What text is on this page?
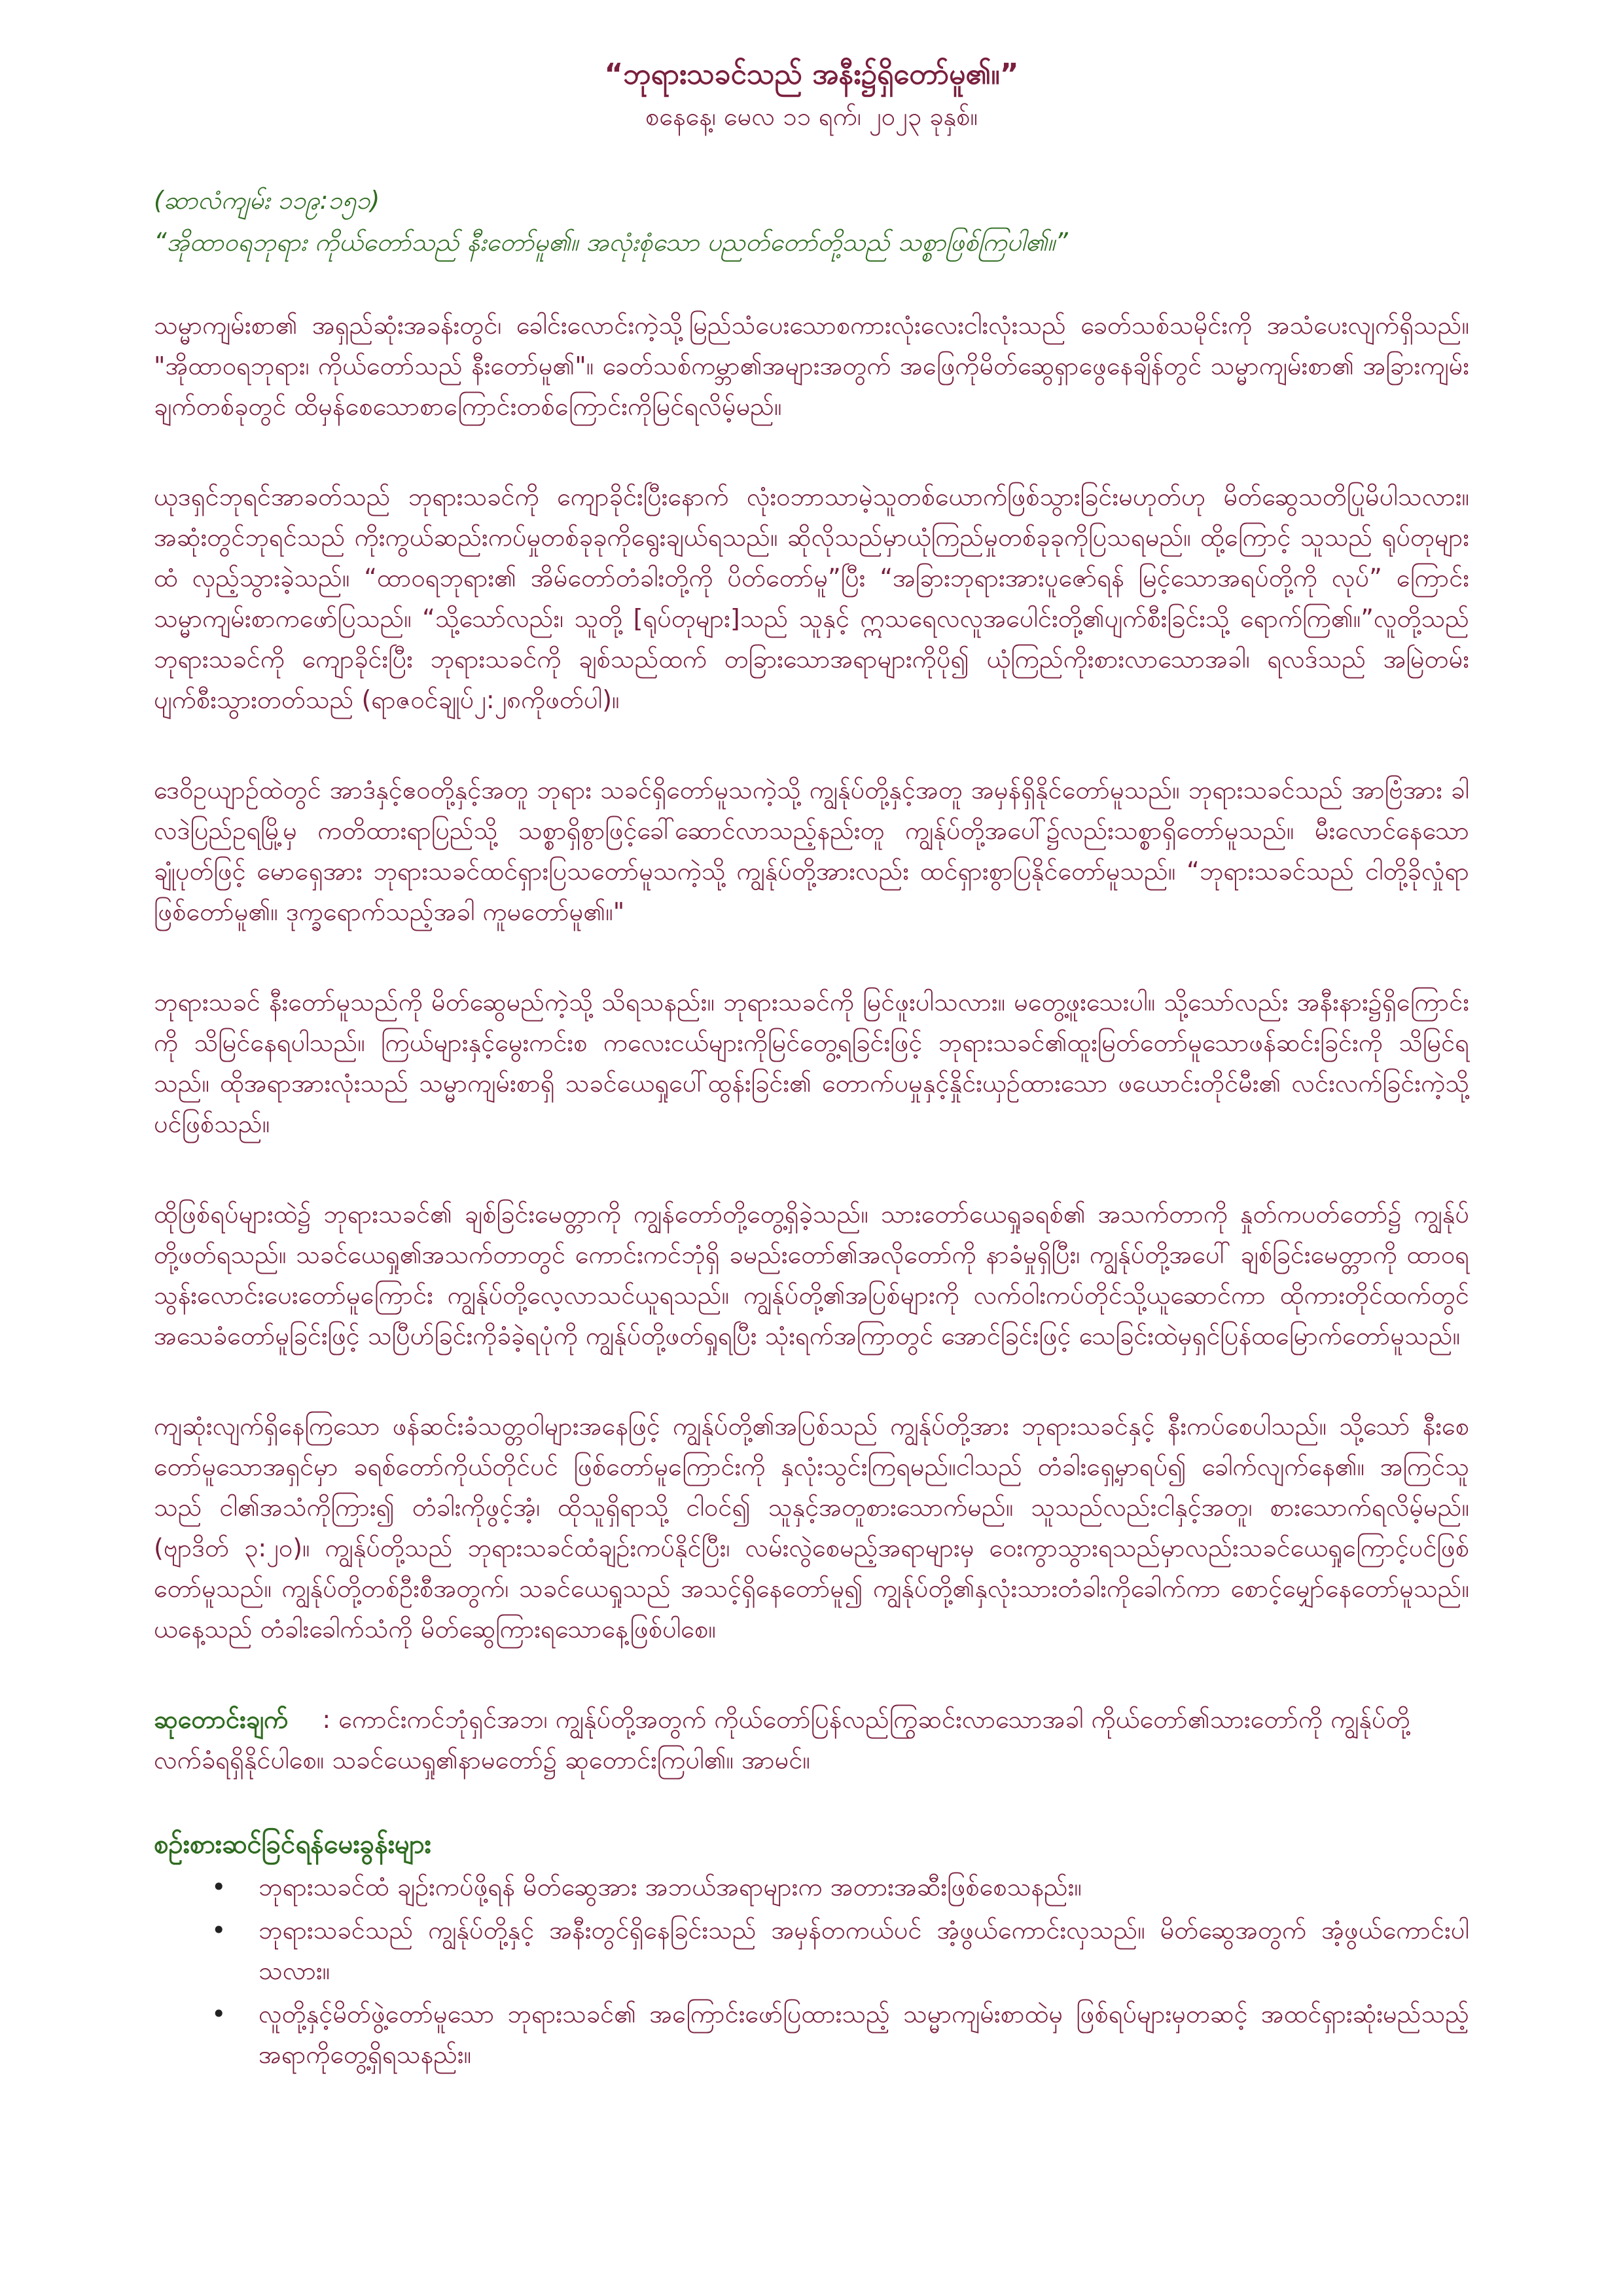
“ဘုရားသခင်သည် အနီး၌ရှိတော်မူ၏။”

စနေနေ့၊ မေလ ၁၁ ရက်၊ ၂၀၂၃ ခုနှစ်။

(ဆာလံကျမ်း ၁၁၉:၁၅၁)

“အိုထာဝရဘုရား ကိုယ်တော်သည် နီးတော်မူ၏။ အလုံးစုံသော ပညတ်တော်တို့သည် သစ္စာဖြစ်ကြပါ၏။”

သမ္မာကျမ်းစာ၏ အရှည်ဆုံးအခန်းတွင်၊ ခေါင်းလောင်းကဲ့သို့မြည်သံပေးသောစကားလုံးလေးငါးလုံးသည် ခေတ်သစ်သမိုင်းကို အသံပေးလျက်ရှိသည်။ "အိုထာဝရဘုရား၊ ကိုယ်တော်သည် နီးတော်မူ၏"။ ခေတ်သစ်ကမ္ဘာ၏အများအတွက် အဖြေကိုမိတ်ဆွေရှာဖွေနေချိန်တွင် သမ္မာကျမ်းစာ၏ အခြားကျမ်းချက်တစ်ခုတွင် ထိမှန်စေသောစာကြောင်းတစ်ကြောင်းကိုမြင်ရလိမ့်မည်။

ယုဒရှင်ဘုရင်အာခတ်သည် ဘုရားသခင်ကို ကျောခိုင်းပြီးနောက် လုံးဝဘာသာမဲ့သူတစ်ယောက်ဖြစ်သွားခြင်းမဟုတ်ဟု မိတ်ဆွေသတိပြုမိပါသလား။ အဆုံးတွင်ဘုရင်သည် ကိုးကွယ်ဆည်းကပ်မှုတစ်ခုခုကိုရွေးချယ်ရသည်။ ဆိုလိုသည်မှာယုံကြည်မှုတစ်ခုခုကိုပြသရမည်။ ထို့ကြောင့် သူသည် ရုပ်တုများထံ လှည့်သွားခဲ့သည်။ “ထာဝရဘုရား၏ အိမ်တော်တံခါးတို့ကို ပိတ်တော်မူ”ပြီး “အခြားဘုရားအားပူဇော်ရန် မြင့်သောအရပ်တို့ကို လုပ်” ကြောင်း သမ္မာကျမ်းစာကဖော်ပြသည်။ “သို့သော်လည်း၊ သူတို့ [ရုပ်တုများ]သည် သူနှင့် ဣသရေလလူအပေါင်းတို့၏ပျက်စီးခြင်းသို့ ရောက်ကြ၏။”လူတို့သည် ဘုရားသခင်ကို ကျောခိုင်းပြီး ဘုရားသခင်ကို ချစ်သည်ထက် တခြားသောအရာများကိုပို၍ ယုံကြည်ကိုးစားလာသောအခါ၊ ရလဒ်သည် အမြဲတမ်း ပျက်စီးသွားတတ်သည် (ရာဇဝင်ချုပ်၂:၂၈ကိုဖတ်ပါ)။

ဒေဝိဥယျာဉ်ထဲတွင် အာဒံနှင့်ဧဝတို့နှင့်အတူ ဘုရား သခင်ရှိတော်မူသကဲ့သို့ ကျွန်ုပ်တို့နှင့်အတူ အမှန်ရှိနိုင်တော်မူသည်။ ဘုရားသခင်သည် အာဗြံအား ခါလဒဲပြည်ဥရမြို့မှ ကတိထားရာပြည်သို့ သစ္စာရှိစွာဖြင့်ခေါ်ဆောင်လာသည့်နည်းတူ ကျွန်ုပ်တို့အပေါ်၌လည်းသစ္စာရှိတော်မူသည်။ မီးလောင်နေသော ချုံပုတ်ဖြင့် မောရှေအား ဘုရားသခင်ထင်ရှားပြသတော်မူသကဲ့သို့ ကျွန်ုပ်တို့အားလည်း ထင်ရှားစွာပြနိုင်တော်မူသည်။ “ဘုရားသခင်သည် ငါတို့ခိုလှုံရာဖြစ်တော်မူ၏။ ဒုက္ခရောက်သည့်အခါ ကူမတော်မူ၏။"

ဘုရားသခင် နီးတော်မူသည်ကို မိတ်ဆွေမည်ကဲ့သို့ သိရသနည်း။ ဘုရားသခင်ကို မြင်ဖူးပါသလား။ မတွေ့ဖူးသေးပါ။ သို့သော်လည်း အနီးနား၌ရှိကြောင်းကို သိမြင်နေရပါသည်။ ကြယ်များနှင့်မွေးကင်းစ ကလေးငယ်များကိုမြင်တွေ့ရခြင်းဖြင့် ဘုရားသခင်၏ထူးမြတ်တော်မူသောဖန်ဆင်းခြင်းကို သိမြင်ရသည်။ ထိုအရာအားလုံးသည် သမ္မာကျမ်းစာရှိ သခင်ယေရှုပေါ်ထွန်းခြင်း၏ တောက်ပမှုနှင့်နှိုင်းယှဉ်ထားသော ဖယောင်းတိုင်မီး၏ လင်းလက်ခြင်းကဲ့သို့ပင်ဖြစ်သည်။

ထိုဖြစ်ရပ်များထဲ၌ ဘုရားသခင်၏ ချစ်ခြင်းမေတ္တာကို ကျွန်တော်တို့တွေ့ရှိခဲ့သည်။ သားတော်ယေရှုခရစ်၏ အသက်တာကို နှုတ်ကပတ်တော်၌ ကျွန်ုပ်တို့ဖတ်ရသည်။ သခင်ယေရှု၏အသက်တာတွင် ကောင်းကင်ဘုံရှိ ခမည်းတော်၏အလိုတော်ကို နာခံမှုရှိပြီး၊ ကျွန်ုပ်တို့အပေါ် ချစ်ခြင်းမေတ္တာကို ထာဝရသွန်းလောင်းပေးတော်မူကြောင်း ကျွန်ုပ်တို့လေ့လာသင်ယူရသည်။ ကျွန်ုပ်တို့၏အပြစ်များကို လက်ဝါးကပ်တိုင်သို့ယူဆောင်ကာ ထိုကားတိုင်ထက်တွင် အသေခံတော်မူခြင်းဖြင့် သပြီဟ်ခြင်းကိုခံခဲ့ရပုံကို ကျွန်ုပ်တို့ဖတ်ရှုရပြီး သုံးရက်အကြာတွင် အောင်ခြင်းဖြင့် သေခြင်းထဲမှရှင်ပြန်ထမြောက်တော်မူသည်။

ကျဆုံးလျက်ရှိနေကြသော ဖန်ဆင်းခံသတ္တဝါများအနေဖြင့် ကျွန်ုပ်တို့၏အပြစ်သည် ကျွန်ုပ်တို့အား ဘုရားသခင်နှင့် နီးကပ်စေပါသည်။ သို့သော် နီးစေတော်မူသောအရှင်မှာ ခရစ်တော်ကိုယ်တိုင်ပင် ဖြစ်တော်မူကြောင်းကို နှလုံးသွင်းကြရမည်။ငါသည် တံခါးရှေ့မှာရပ်၍ ခေါက်လျက်နေ၏။ အကြင်သူသည် ငါ၏အသံကိုကြား၍ တံခါးကိုဖွင့်အံ့၊ ထိုသူရှိရာသို့ ငါဝင်၍ သူနှင့်အတူစားသောက်မည်။ သူသည်လည်းငါနှင့်အတူ၊ စားသောက်ရလိမ့်မည်။ (ဗျာဒိတ် ၃:၂၀)။ ကျွန်ုပ်တို့သည် ဘုရားသခင်ထံချဉ်းကပ်နိုင်ပြီး၊ လမ်းလွဲစေမည့်အရာများမှ ဝေးကွာသွားရသည်မှာလည်းသခင်ယေရှုကြောင့်ပင်ဖြစ်တော်မူသည်။ ကျွန်ုပ်တို့တစ်ဦးစီအတွက်၊ သခင်ယေရှုသည် အသင့်ရှိနေတော်မူ၍ ကျွန်ုပ်တို့၏နှလုံးသားတံခါးကိုခေါက်ကာ စောင့်မျှော်နေတော်မူသည်။ ယနေ့သည် တံခါးခေါက်သံကို မိတ်ဆွေကြားရသောနေ့ဖြစ်ပါစေ။

ဆုတောင်းချက် : ကောင်းကင်ဘုံရှင်အဘ၊ ကျွန်ုပ်တို့အတွက် ကိုယ်တော်ပြန်လည်ကြွဆင်းလာသောအခါ ကိုယ်တော်၏သားတော်ကို ကျွန်ုပ်တို့ လက်ခံရရှိနိုင်ပါစေ။ သခင်ယေရှု၏နာမတော်၌ ဆုတောင်းကြပါ၏။ အာမင်။

စဉ်းစားဆင်ခြင်ရန်မေးခွန်းများ
• ဘုရားသခင်ထံ ချဉ်းကပ်ဖို့ရန် မိတ်ဆွေအား အဘယ်အရာများက အတားအဆီးဖြစ်စေသနည်း။
• ဘုရားသခင်သည် ကျွန်ုပ်တို့နှင့် အနီးတွင်ရှိနေခြင်းသည် အမှန်တကယ်ပင် အံ့ဖွယ်ကောင်းလှသည်။ မိတ်ဆွေအတွက် အံ့ဖွယ်ကောင်းပါသလား။
• လူတို့နှင့်မိတ်ဖွဲ့တော်မူသော ဘုရားသခင်၏ အကြောင်းဖော်ပြထားသည့် သမ္မာကျမ်းစာထဲမှ ဖြစ်ရပ်များမှတဆင့် အထင်ရှားဆုံးမည်သည့်အရာကိုတွေ့ရှိရသနည်း။
